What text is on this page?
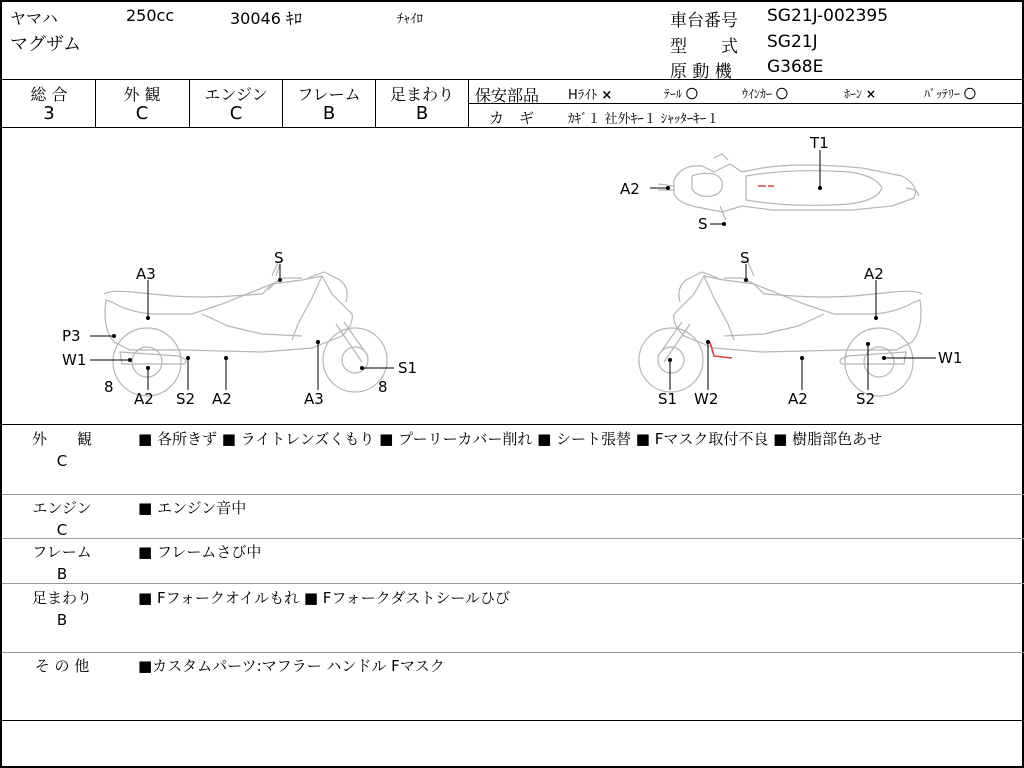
ヤマハ	250cc	30046 ｷﾛ	ﾁｬｲﾛ
マグザム
車台番号 SG21J-002395
型　　式 SG21J
原 動 機 G368E
総 合
3
外 観
C
エンジン
C
フレーム
B
足まわり
B
保安部品 Hﾗｲﾄ ×	ﾃｰﾙ 〇	ｳｲﾝｶｰ 〇	ﾎｰﾝ ×	ﾊﾞｯﾃﾘｰ 〇
カ　ギ	ｶｷﾞ１ 社外ｷｰ１ ｼｬｯﾀｰｷｰ１
T1
A2
S
S
A3
P3
W1	S1
8	8
A2 S2 A2	A3
S
A2
W1
S1 W2	A2	S2
外　　観
C
■ 各所きず ■ ライトレンズくもり ■ プーリーカバー削れ ■ シート張替 ■ Fマスク取付不良 ■ 樹脂部色あせ
エンジン
C
■ エンジン音中
フレーム
B
■ フレームさび中
足まわり
B
■ Fフォークオイルもれ ■ Fフォークダストシールひび
そ の 他	■カスタムパーツ:マフラー ハンドル Fマスク
